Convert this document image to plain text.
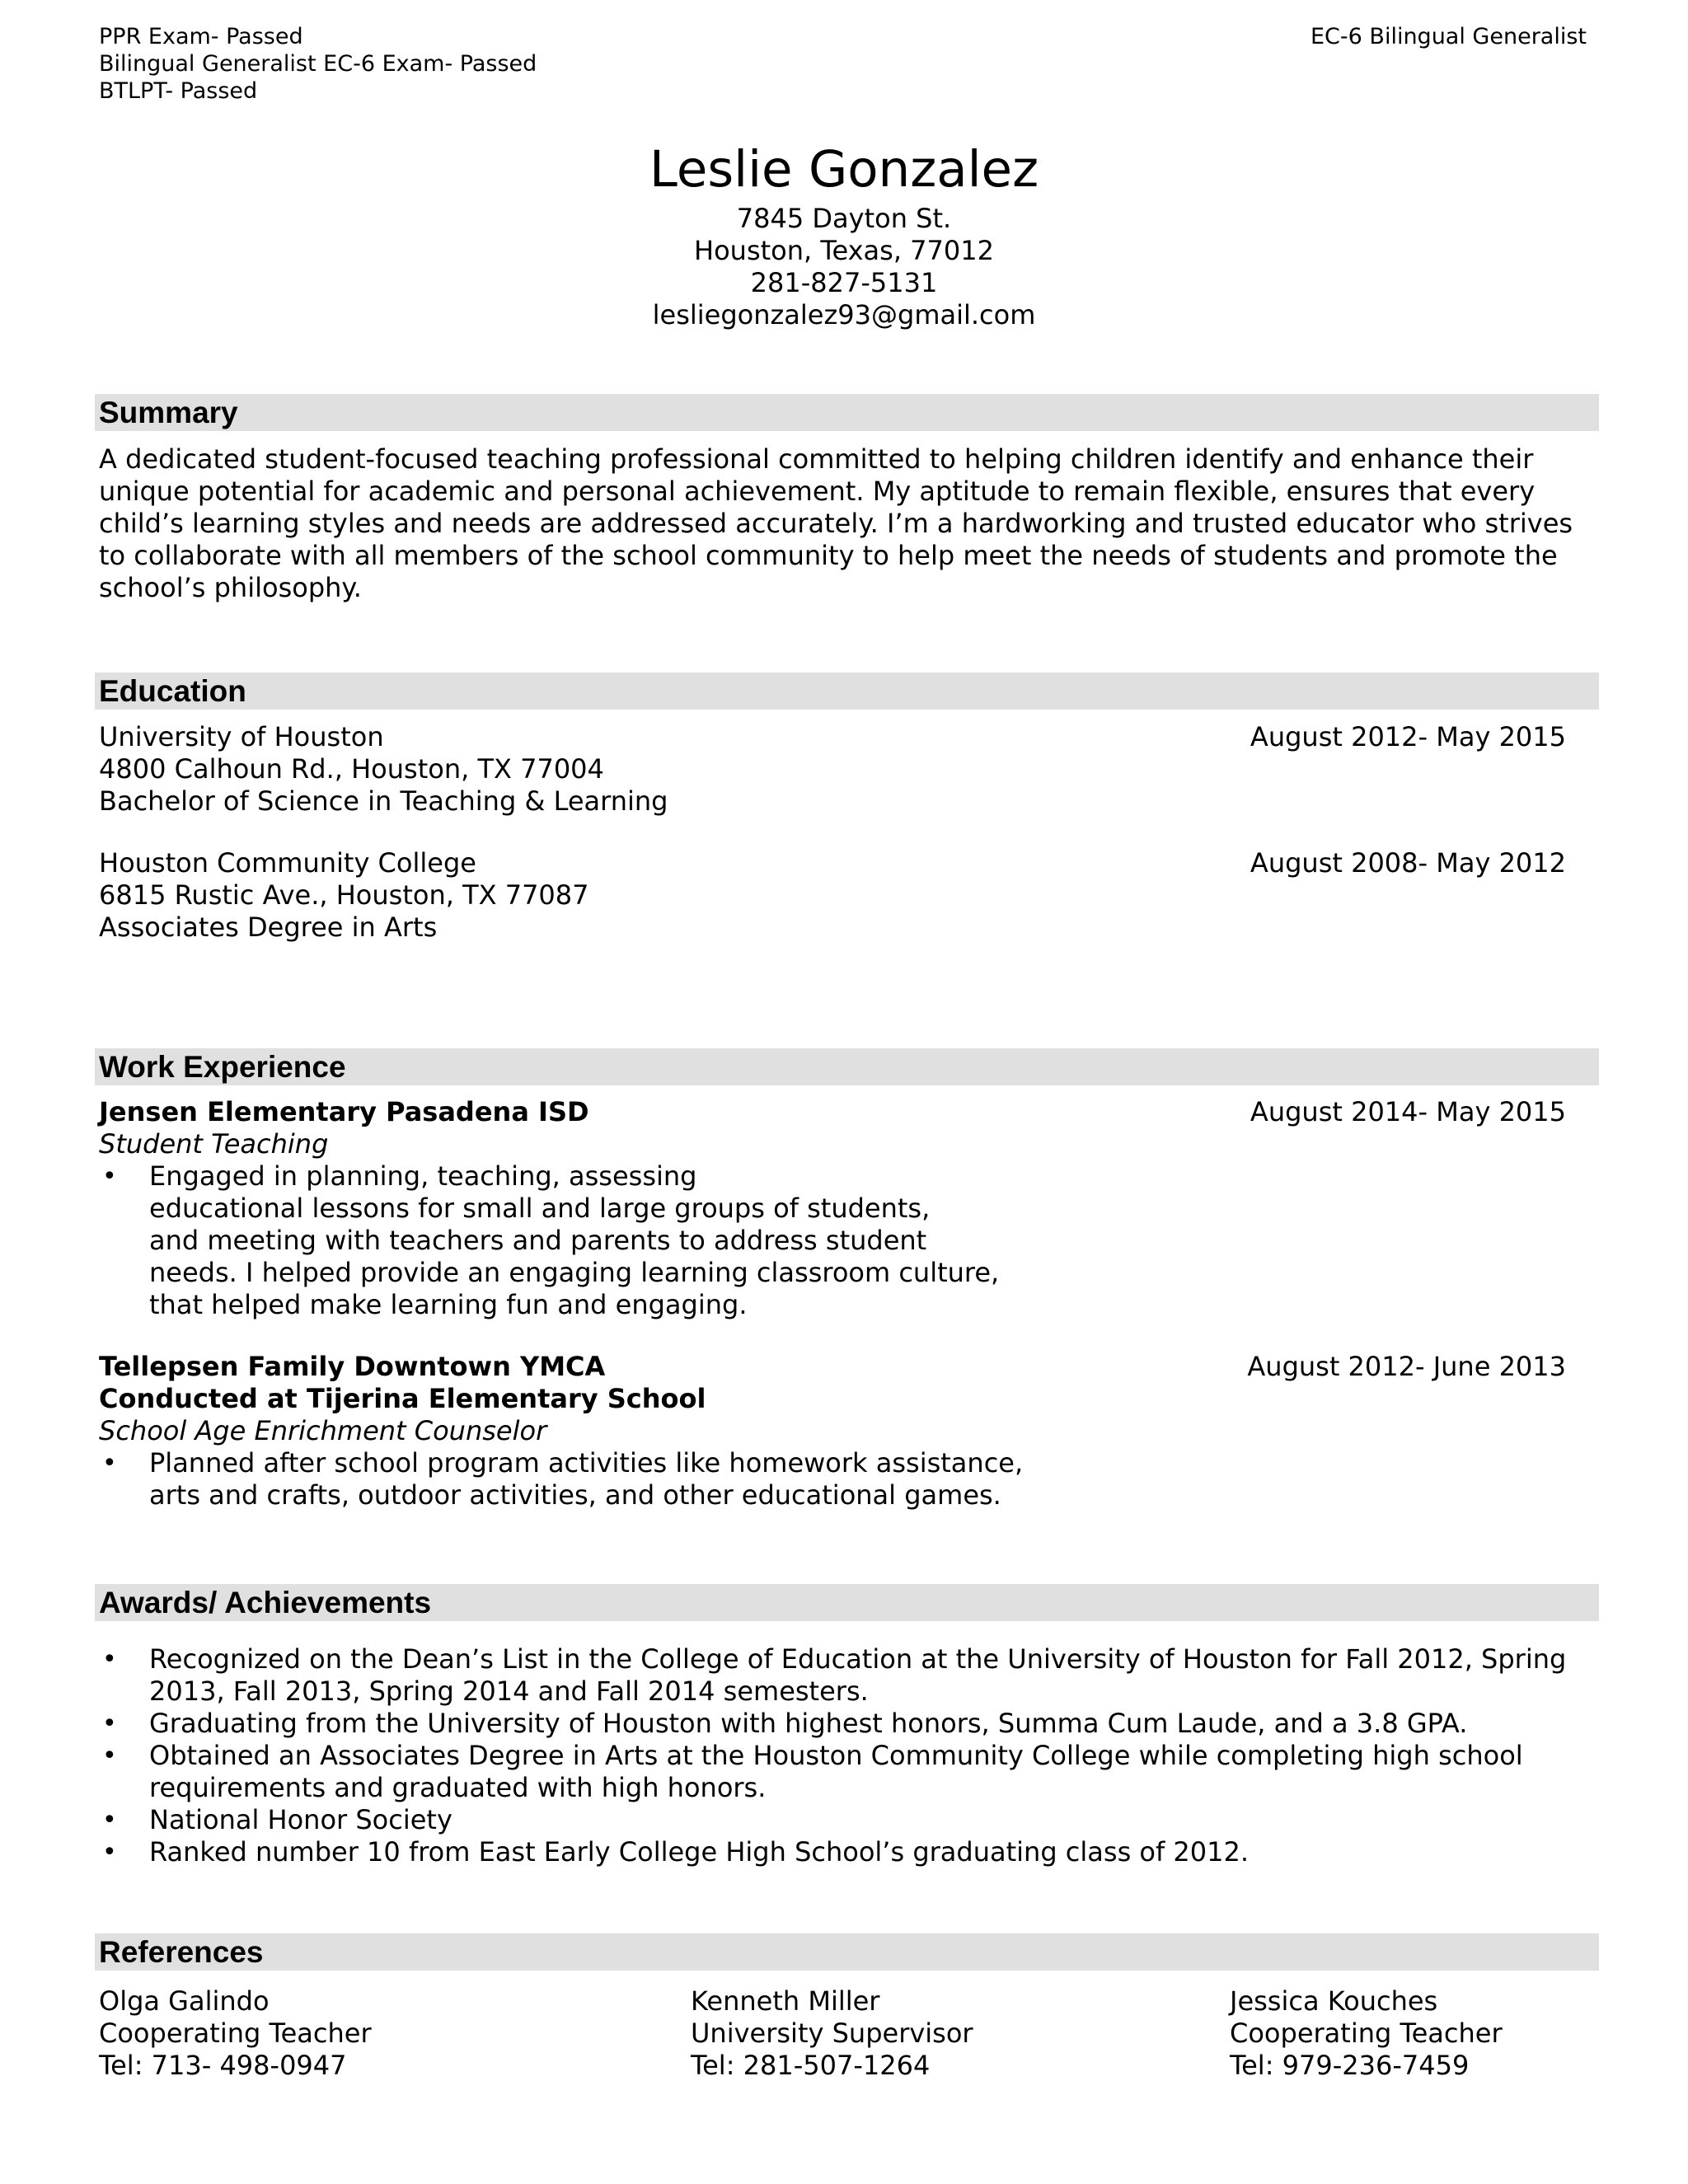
PPR Exam- Passed
Bilingual Generalist EC-6 Exam- Passed
BTLPT- Passed
EC-6 Bilingual Generalist
Leslie Gonzalez
7845 Dayton St.
Houston, Texas, 77012
281-827-5131
lesliegonzalez93@gmail.com
Summary
A dedicated student-focused teaching professional committed to helping children identify and enhance their unique potential for academic and personal achievement. My aptitude to remain flexible, ensures that every child’s learning styles and needs are addressed accurately. I’m a hardworking and trusted educator who strives to collaborate with all members of the school community to help meet the needs of students and promote the school’s philosophy.
Education
University of Houston	August 2012- May 2015
4800 Calhoun Rd., Houston, TX 77004
Bachelor of Science in Teaching & Learning
Houston Community College	August 2008- May 2012
6815 Rustic Ave., Houston, TX 77087
Associates Degree in Arts
Work Experience
Jensen Elementary Pasadena ISD	August 2014- May 2015
Student Teaching
• Engaged in planning, teaching, assessing
educational lessons for small and large groups of students,
and meeting with teachers and parents to address student
needs. I helped provide an engaging learning classroom culture,
that helped make learning fun and engaging.
Tellepsen Family Downtown YMCA	August 2012- June 2013
Conducted at Tijerina Elementary School
School Age Enrichment Counselor
• Planned after school program activities like homework assistance,
arts and crafts, outdoor activities, and other educational games.
Awards/ Achievements
• Recognized on the Dean’s List in the College of Education at the University of Houston for Fall 2012, Spring
2013, Fall 2013, Spring 2014 and Fall 2014 semesters.
• Graduating from the University of Houston with highest honors, Summa Cum Laude, and a 3.8 GPA.
• Obtained an Associates Degree in Arts at the Houston Community College while completing high school
requirements and graduated with high honors.
• National Honor Society
• Ranked number 10 from East Early College High School’s graduating class of 2012.
References
Olga Galindo
Cooperating Teacher
Tel: 713- 498-0947
Kenneth Miller
University Supervisor
Tel: 281-507-1264
Jessica Kouches
Cooperating Teacher
Tel: 979-236-7459
